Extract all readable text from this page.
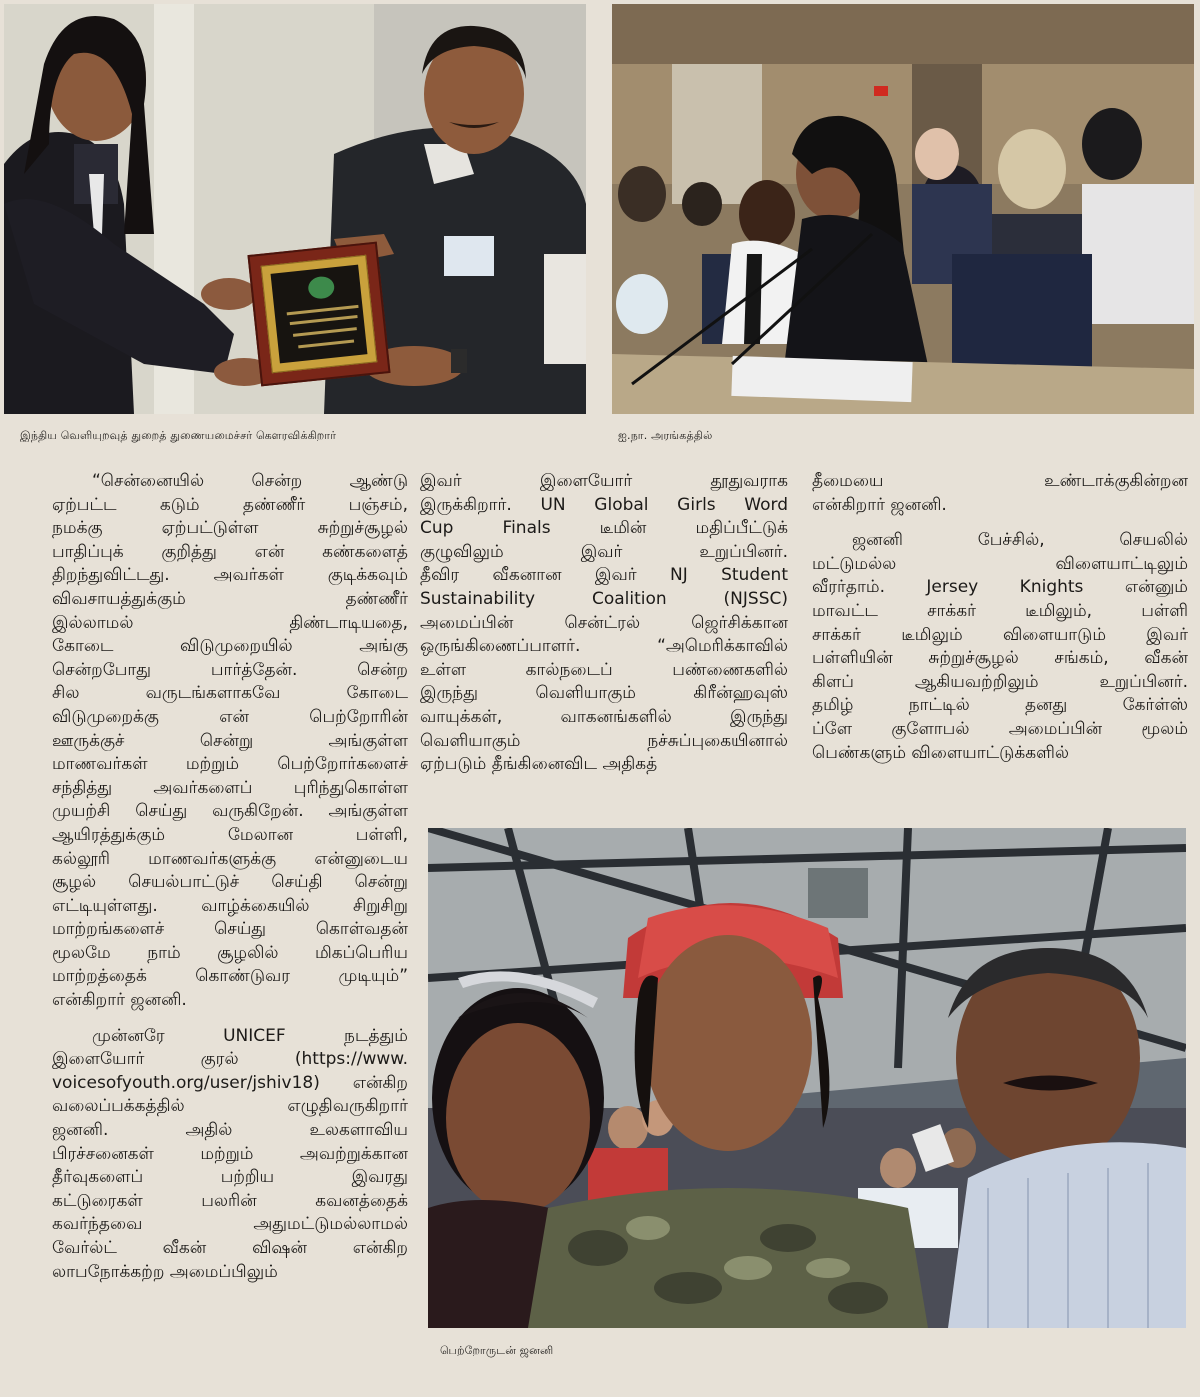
இந்திய வெளியுறவுத் துறைத் துணையமைச்சர் கௌரவிக்கிறார்	ஐ.நா. அரங்கத்தில்

“சென்னையில் சென்ற ஆண்டு
ஏற்பட்ட கடும் தண்ணீர் பஞ்சம்,
நமக்கு ஏற்பட்டுள்ள சுற்றுச்சூழல்
பாதிப்புக் குறித்து என் கண்களைத்
திறந்துவிட்டது. அவர்கள் குடிக்கவும்
விவசாயத்துக்கும் தண்ணீர்
இல்லாமல் திண்டாடியதை,
கோடை விடுமுறையில் அங்கு
சென்றபோது பார்த்தேன். சென்ற
சில வருடங்களாகவே கோடை
விடுமுறைக்கு என் பெற்றோரின்
ஊருக்குச் சென்று அங்குள்ள
மாணவர்கள் மற்றும் பெற்றோர்களைச்
சந்தித்து அவர்களைப் புரிந்துகொள்ள
முயற்சி செய்து வருகிறேன். அங்குள்ள
ஆயிரத்துக்கும் மேலான பள்ளி,
கல்லூரி மாணவர்களுக்கு என்னுடைய
சூழல் செயல்பாட்டுச் செய்தி சென்று
எட்டியுள்ளது. வாழ்க்கையில் சிறுசிறு
மாற்றங்களைச் செய்து கொள்வதன்
மூலமே நாம் சூழலில் மிகப்பெரிய
மாற்றத்தைக் கொண்டுவர முடியும்”
என்கிறார் ஜனனி.

முன்னரே UNICEF நடத்தும்
இளையோர் குரல் (https://www.
voicesofyouth.org/user/jshiv18) என்கிற
வலைப்பக்கத்தில் எழுதிவருகிறார்
ஜனனி. அதில் உலகளாவிய
பிரச்சனைகள் மற்றும் அவற்றுக்கான
தீர்வுகளைப் பற்றிய இவரது
கட்டுரைகள் பலரின் கவனத்தைக்
கவர்ந்தவை அதுமட்டுமல்லாமல்
வேர்ல்ட் வீகன் விஷன் என்கிற
லாபநோக்கற்ற அமைப்பிலும்

இவர் இளையோர் தூதுவராக
இருக்கிறார். UN Global Girls Word
Cup Finals டீமின் மதிப்பீட்டுக்
குழுவிலும் இவர் உறுப்பினர்.
தீவிர வீகனான இவர் NJ Student
Sustainability Coalition (NJSSC)
அமைப்பின் சென்ட்ரல் ஜெர்சிக்கான
ஒருங்கிணைப்பாளர். “அமெரிக்காவில்
உள்ள கால்நடைப் பண்ணைகளில்
இருந்து வெளியாகும் கிரீன்ஹவுஸ்
வாயுக்கள், வாகனங்களில் இருந்து
வெளியாகும் நச்சுப்புகையினால்
ஏற்படும் தீங்கினைவிட அதிகத்

தீமையை உண்டாக்குகின்றன
என்கிறார் ஜனனி.

ஜனனி பேச்சில், செயலில்
மட்டுமல்ல விளையாட்டிலும்
வீரர்தாம். Jersey Knights என்னும்
மாவட்ட சாக்கர் டீமிலும், பள்ளி
சாக்கர் டீமிலும் விளையாடும் இவர்
பள்ளியின் சுற்றுச்சூழல் சங்கம், வீகன்
கிளப் ஆகியவற்றிலும் உறுப்பினர்.
தமிழ் நாட்டில் தனது கேர்ள்ஸ்
ப்ளே குளோபல் அமைப்பின் மூலம்
பெண்களும் விளையாட்டுக்களில்

பெற்றோருடன் ஜனனி
